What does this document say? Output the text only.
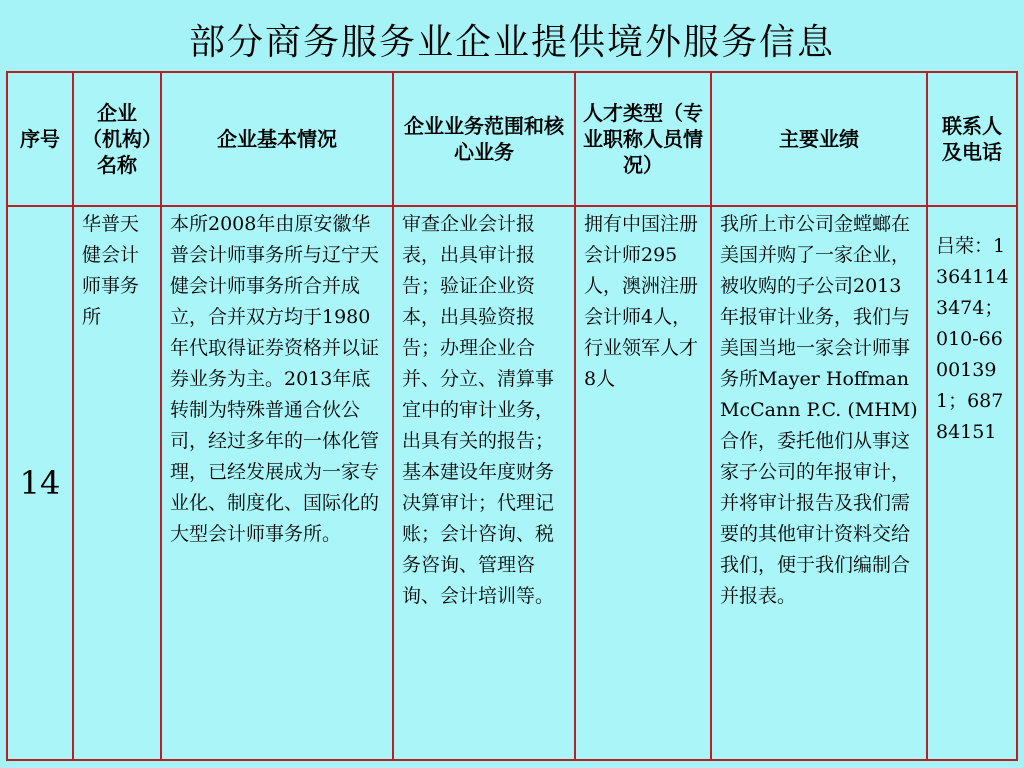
部分商务服务业企业提供境外服务信息
序号	企业（机构）名称	企业基本情况	企业业务范围和核心业务	人才类型（专业职称人员情况）	主要业绩	联系人及电话

14	华普天健会计师事务所	本所2008年由原安徽华普会计师事务所与辽宁天健会计师事务所合并成立，合并双方均于1980年代取得证券资格并以证券业务为主。2013年底转制为特殊普通合伙公司，经过多年的一体化管理，已经发展成为一家专业化、制度化、国际化的大型会计师事务所。	审查企业会计报表，出具审计报告；验证企业资本，出具验资报告；办理企业合并、分立、清算事宜中的审计业务，出具有关的报告；基本建设年度财务决算审计；代理记账；会计咨询、税务咨询、管理咨询、会计培训等。	拥有中国注册会计师295人，澳洲注册会计师4人，行业领军人才8人	我所上市公司金螳螂在美国并购了一家企业，被收购的子公司2013年报审计业务，我们与美国当地一家会计师事务所Mayer Hoffman McCann P.C. (MHM)合作，委托他们从事这家子公司的年报审计，并将审计报告及我们需要的其他审计资料交给我们，便于我们编制合并报表。	吕荣：13641143474；010-66001391；68784151
